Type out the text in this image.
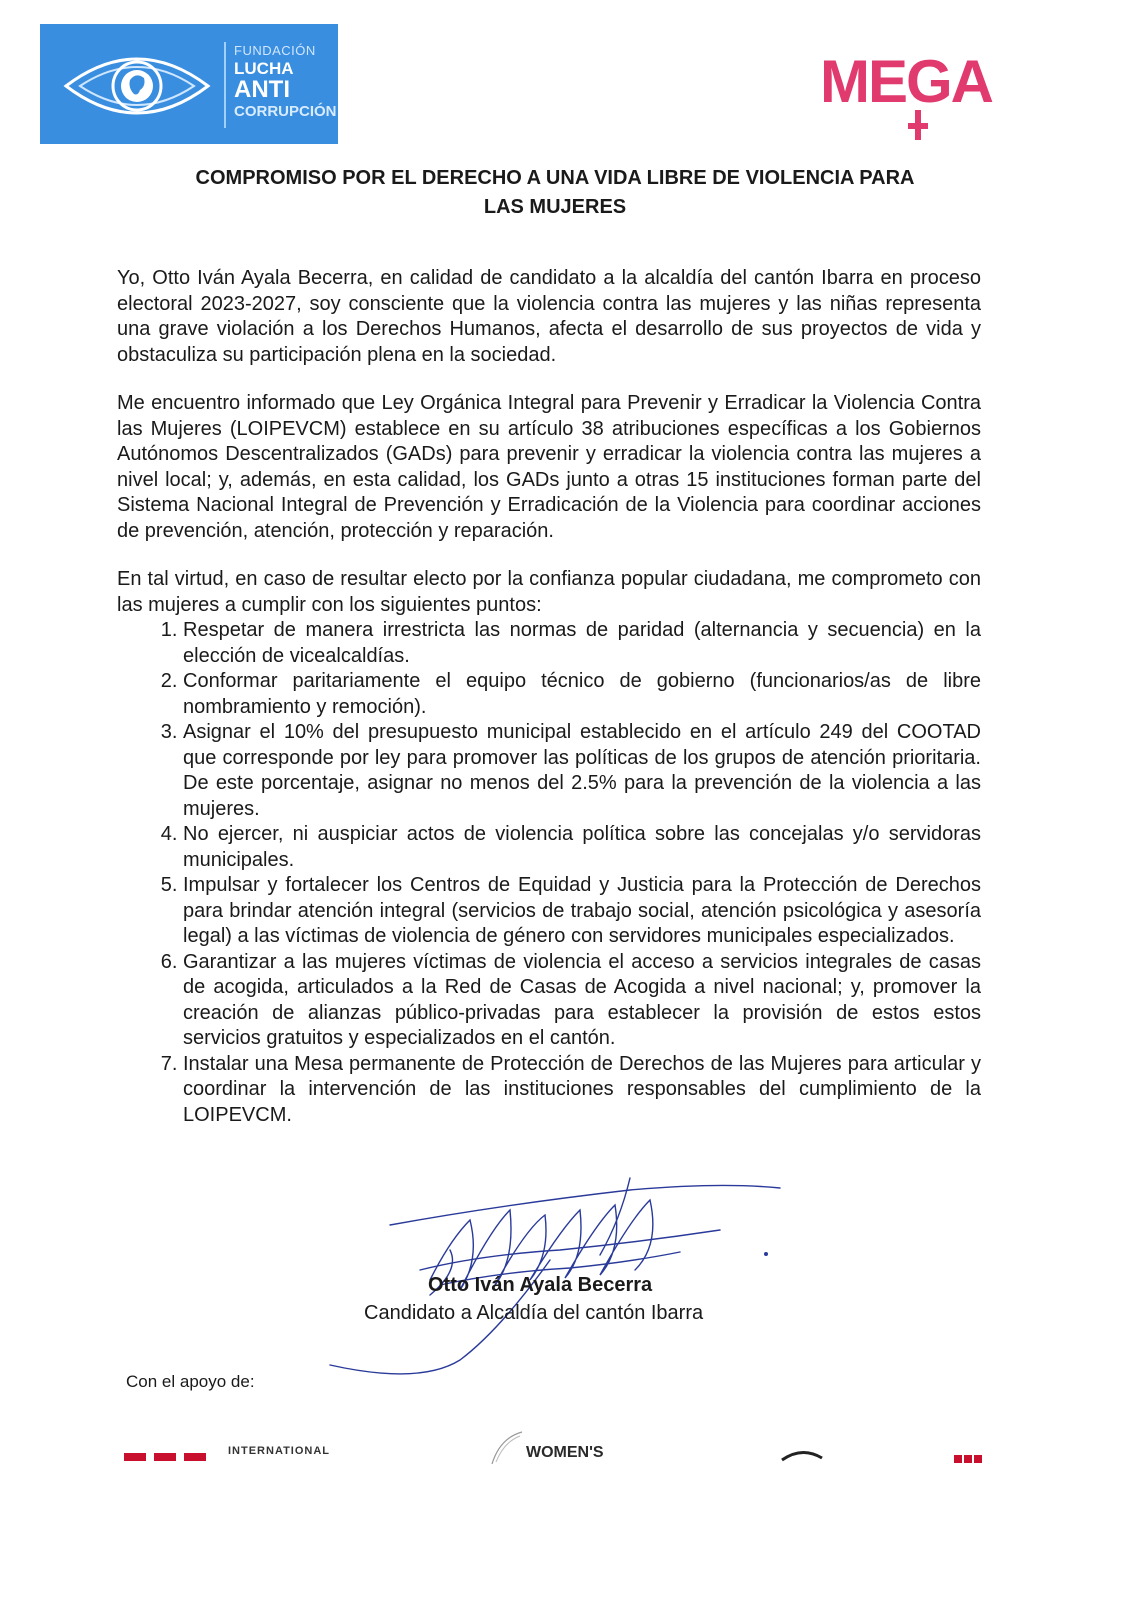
FUNDACIÓN
LUCHA
ANTI
CORRUPCIÓN	MEGA
COMPROMISO POR EL DERECHO A UNA VIDA LIBRE DE VIOLENCIA PARA
LAS MUJERES

Yo, Otto Iván Ayala Becerra, en calidad de candidato a la alcaldía del cantón Ibarra en proceso electoral 2023-2027, soy consciente que la violencia contra las mujeres y las niñas representa una grave violación a los Derechos Humanos, afecta el desarrollo de sus proyectos de vida y obstaculiza su participación plena en la sociedad.

Me encuentro informado que Ley Orgánica Integral para Prevenir y Erradicar la Violencia Contra las Mujeres (LOIPEVCM) establece en su artículo 38 atribuciones específicas a los Gobiernos Autónomos Descentralizados (GADs) para prevenir y erradicar la violencia contra las mujeres a nivel local; y, además, en esta calidad, los GADs junto a otras 15 instituciones forman parte del Sistema Nacional Integral de Prevención y Erradicación de la Violencia para coordinar acciones de prevención, atención, protección y reparación.

En tal virtud, en caso de resultar electo por la confianza popular ciudadana, me comprometo con las mujeres a cumplir con los siguientes puntos:

1. Respetar de manera irrestricta las normas de paridad (alternancia y secuencia) en la elección de vicealcaldías.
2. Conformar paritariamente el equipo técnico de gobierno (funcionarios/as de libre nombramiento y remoción).
3. Asignar el 10% del presupuesto municipal establecido en el artículo 249 del COOTAD que corresponde por ley para promover las políticas de los grupos de atención prioritaria. De este porcentaje, asignar no menos del 2.5% para la prevención de la violencia a las mujeres.
4. No ejercer, ni auspiciar actos de violencia política sobre las concejalas y/o servidoras municipales.
5. Impulsar y fortalecer los Centros de Equidad y Justicia para la Protección de Derechos para brindar atención integral (servicios de trabajo social, atención psicológica y asesoría legal) a las víctimas de violencia de género con servidores municipales especializados.
6. Garantizar a las mujeres víctimas de violencia el acceso a servicios integrales de casas de acogida, articulados a la Red de Casas de Acogida a nivel nacional; y, promover la creación de alianzas público-privadas para establecer la provisión de estos estos servicios gratuitos y especializados en el cantón.
7. Instalar una Mesa permanente de Protección de Derechos de las Mujeres para articular y coordinar la intervención de las instituciones responsables del cumplimiento de la LOIPEVCM.
Otto Iván Ayala Becerra
Candidato a Alcaldía del cantón Ibarra
Con el apoyo de:
INTERNATIONAL	WOMEN'S
